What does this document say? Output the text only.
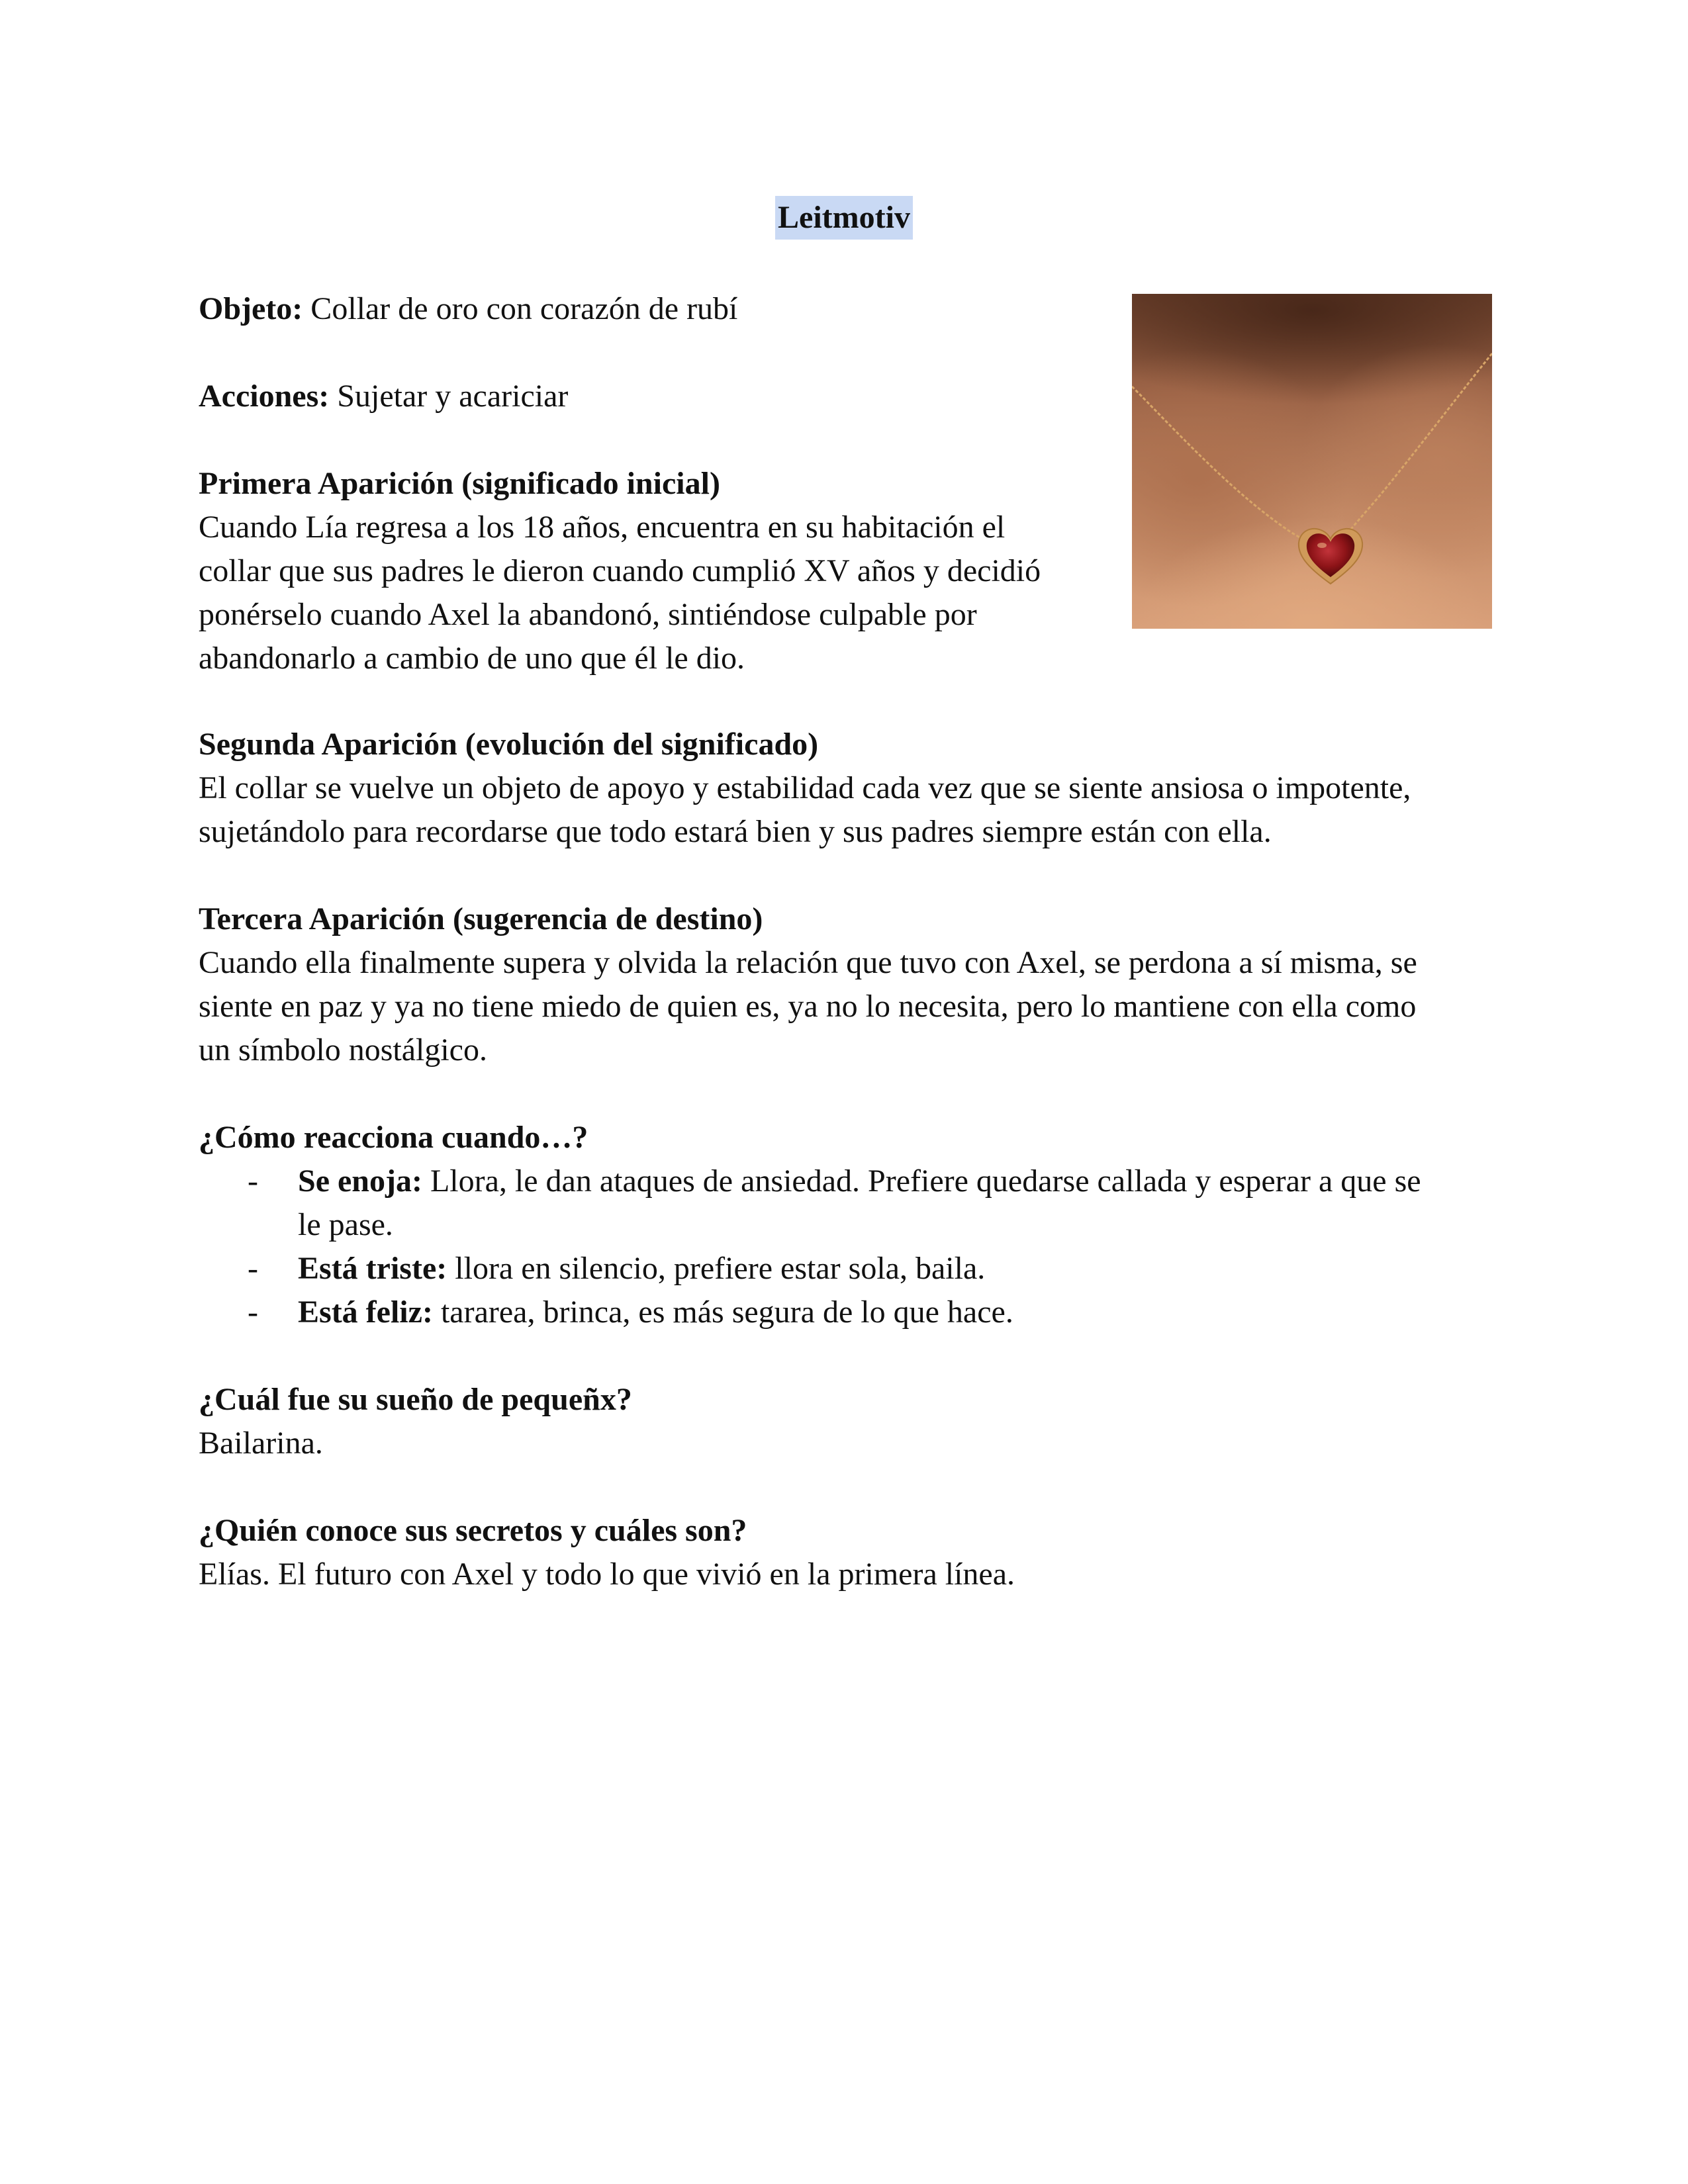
Leitmotiv

Objeto: Collar de oro con corazón de rubí

Acciones: Sujetar y acariciar

Primera Aparición (significado inicial)

Cuando Lía regresa a los 18 años, encuentra en su habitación el

collar que sus padres le dieron cuando cumplió XV años y decidió

ponérselo cuando Axel la abandonó, sintiéndose culpable por

abandonarlo a cambio de uno que él le dio.

Segunda Aparición (evolución del significado)

El collar se vuelve un objeto de apoyo y estabilidad cada vez que se siente ansiosa o impotente,

sujetándolo para recordarse que todo estará bien y sus padres siempre están con ella.

Tercera Aparición (sugerencia de destino)

Cuando ella finalmente supera y olvida la relación que tuvo con Axel, se perdona a sí misma, se

siente en paz y ya no tiene miedo de quien es, ya no lo necesita, pero lo mantiene con ella como

un símbolo nostálgico.

¿Cómo reacciona cuando…?

- Se enoja: Llora, le dan ataques de ansiedad. Prefiere quedarse callada y esperar a que se
le pase.
- Está triste: llora en silencio, prefiere estar sola, baila.
- Está feliz: tararea, brinca, es más segura de lo que hace.

¿Cuál fue su sueño de pequeñx?

Bailarina.

¿Quién conoce sus secretos y cuáles son?

Elías. El futuro con Axel y todo lo que vivió en la primera línea.
